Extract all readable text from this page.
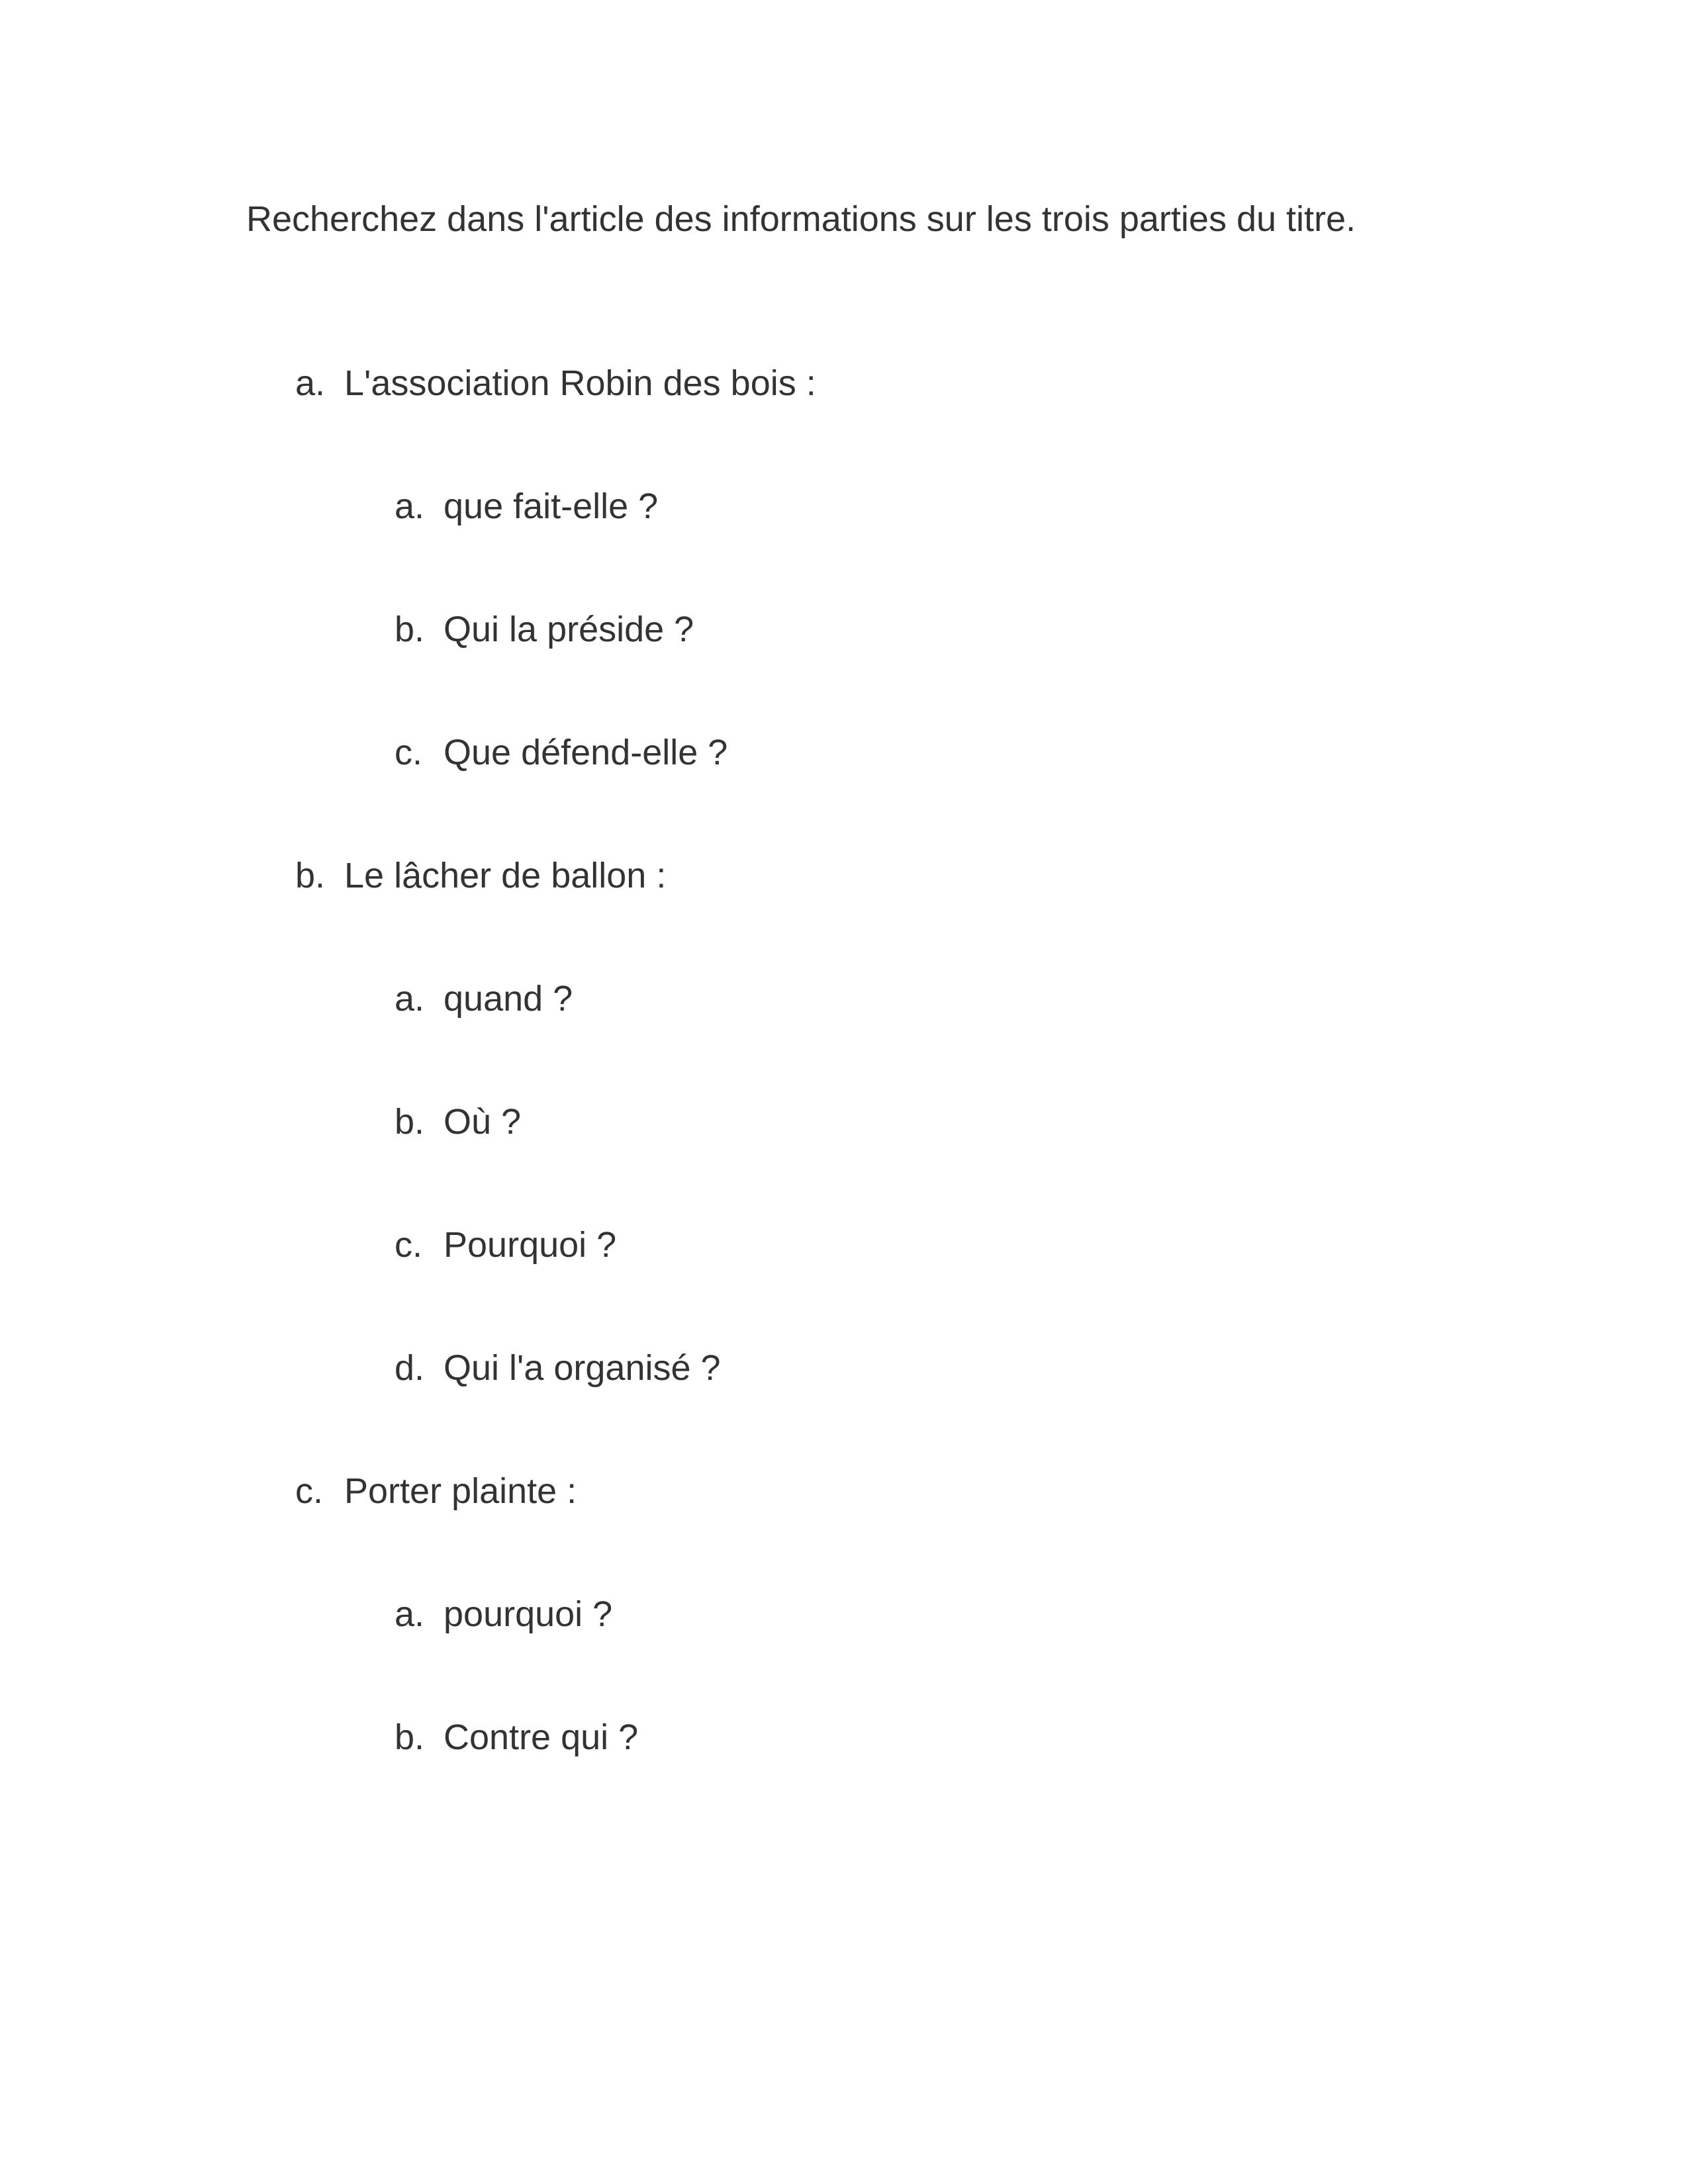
Recherchez dans l'article des informations sur les trois parties du titre.
a. L'association Robin des bois :
a. que fait-elle ?
b. Qui la préside ?
c. Que défend-elle ?
b. Le lâcher de ballon :
a. quand ?
b. Où ?
c. Pourquoi ?
d. Qui l'a organisé ?
c. Porter plainte :
a. pourquoi ?
b. Contre qui ?
